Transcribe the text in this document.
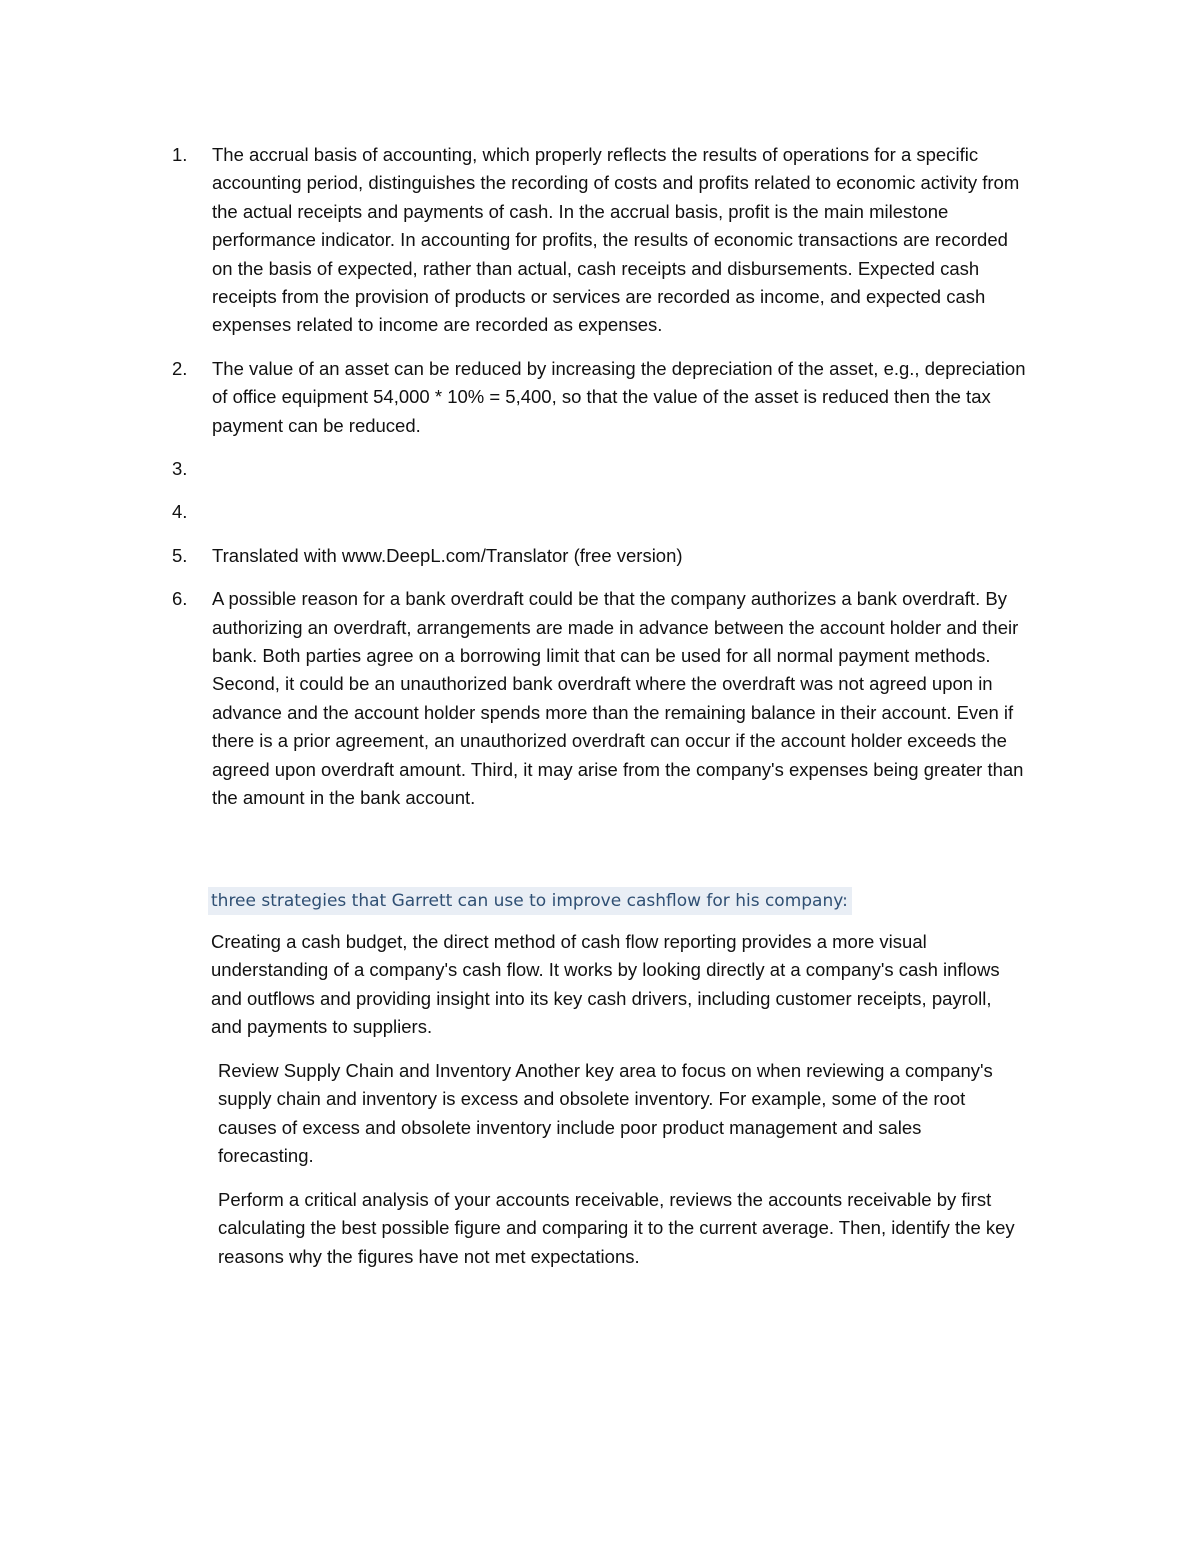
1.	The accrual basis of accounting, which properly reflects the results of operations for a specific accounting period, distinguishes the recording of costs and profits related to economic activity from the actual receipts and payments of cash. In the accrual basis, profit is the main milestone performance indicator. In accounting for profits, the results of economic transactions are recorded on the basis of expected, rather than actual, cash receipts and disbursements. Expected cash receipts from the provision of products or services are recorded as income, and expected cash expenses related to income are recorded as expenses.
2.	The value of an asset can be reduced by increasing the depreciation of the asset, e.g., depreciation of office equipment 54,000 * 10% = 5,400, so that the value of the asset is reduced then the tax payment can be reduced.
3.
4.
5.	Translated with www.DeepL.com/Translator (free version)
6.	A possible reason for a bank overdraft could be that the company authorizes a bank overdraft. By authorizing an overdraft, arrangements are made in advance between the account holder and their bank. Both parties agree on a borrowing limit that can be used for all normal payment methods. Second, it could be an unauthorized bank overdraft where the overdraft was not agreed upon in advance and the account holder spends more than the remaining balance in their account. Even if there is a prior agreement, an unauthorized overdraft can occur if the account holder exceeds the agreed upon overdraft amount. Third, it may arise from the company's expenses being greater than the amount in the bank account.
three strategies that Garrett can use to improve cashflow for his company:
Creating a cash budget, the direct method of cash flow reporting provides a more visual understanding of a company's cash flow. It works by looking directly at a company's cash inflows and outflows and providing insight into its key cash drivers, including customer receipts, payroll, and payments to suppliers.
Review Supply Chain and Inventory Another key area to focus on when reviewing a company's supply chain and inventory is excess and obsolete inventory. For example, some of the root causes of excess and obsolete inventory include poor product management and sales forecasting.
Perform a critical analysis of your accounts receivable, reviews the accounts receivable by first calculating the best possible figure and comparing it to the current average. Then, identify the key reasons why the figures have not met expectations.
